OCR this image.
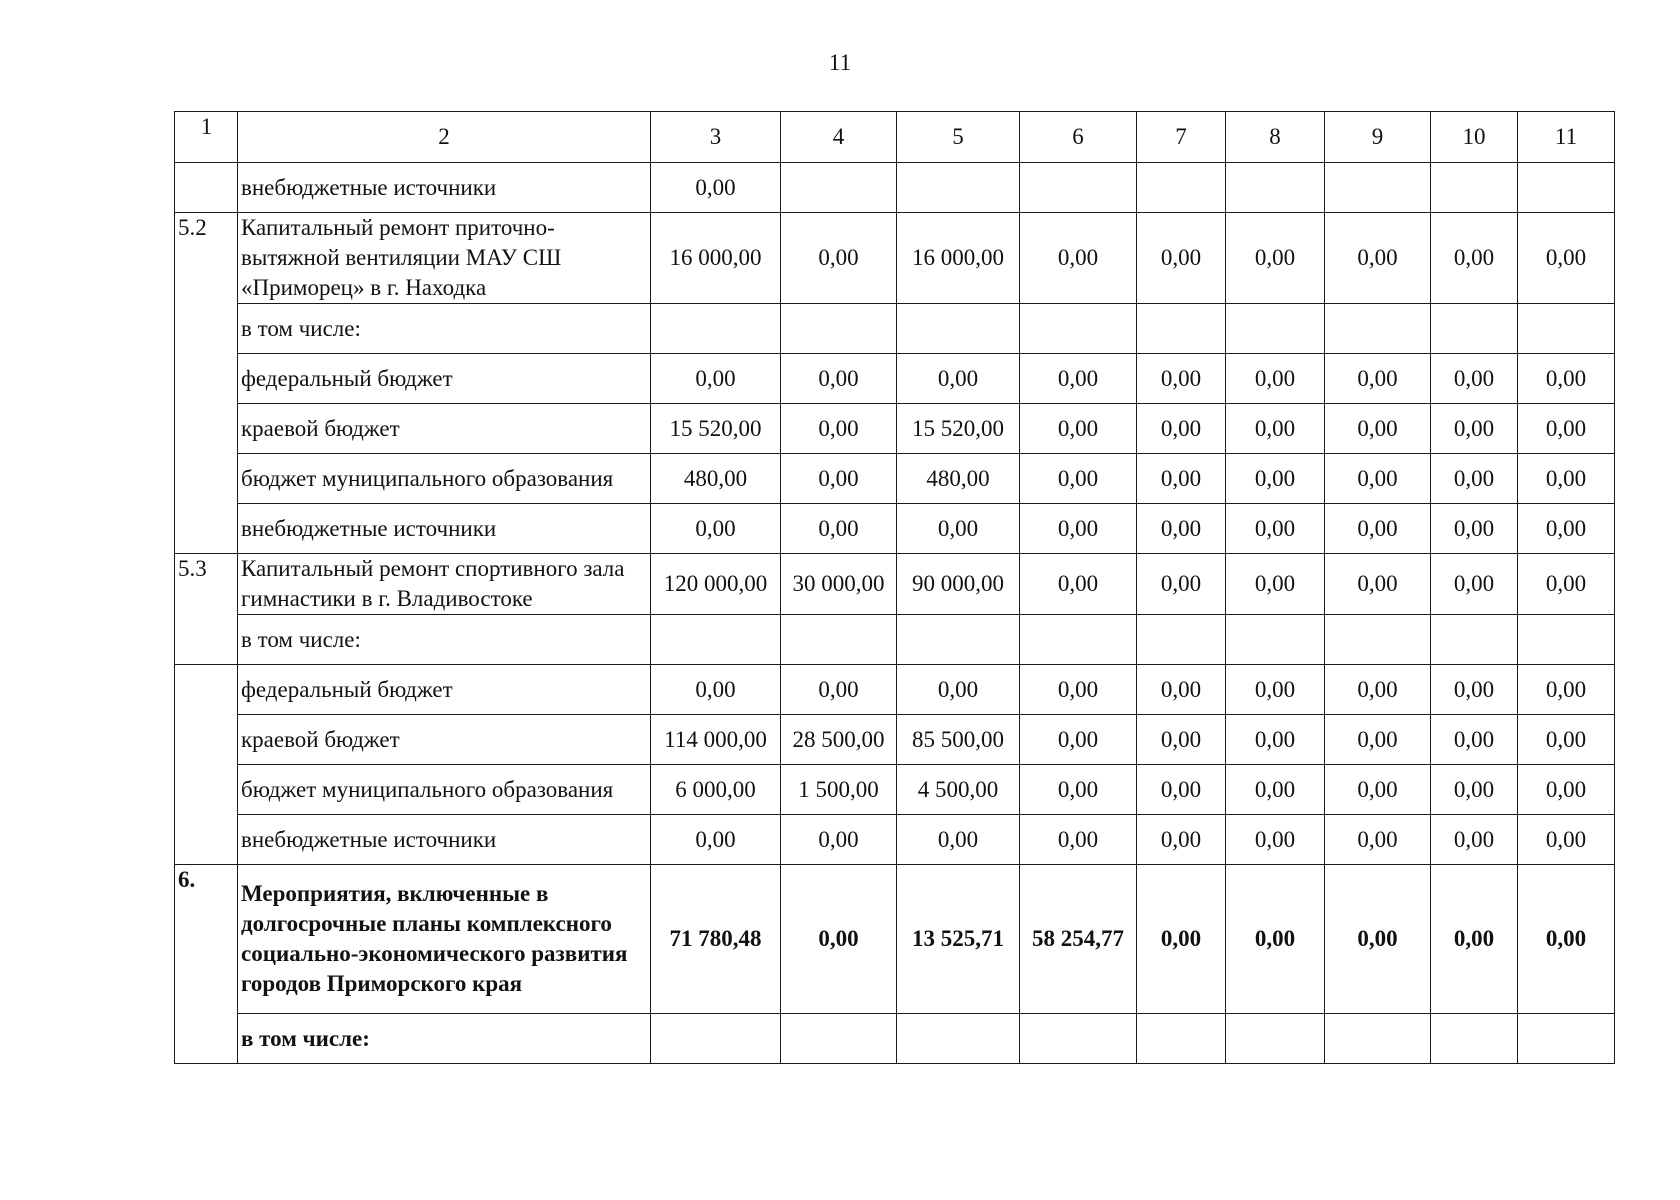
11
1	2	3	4	5	6	7	8	9	10	11
	внебюджетные источники	0,00								
5.2	Капитальный ремонт приточно-вытяжной вентиляции МАУ СШ «Приморец» в г. Находка	16 000,00	0,00	16 000,00	0,00	0,00	0,00	0,00	0,00	0,00
	в том числе:									
	федеральный бюджет	0,00	0,00	0,00	0,00	0,00	0,00	0,00	0,00	0,00
	краевой бюджет	15 520,00	0,00	15 520,00	0,00	0,00	0,00	0,00	0,00	0,00
	бюджет муниципального образования	480,00	0,00	480,00	0,00	0,00	0,00	0,00	0,00	0,00
	внебюджетные источники	0,00	0,00	0,00	0,00	0,00	0,00	0,00	0,00	0,00
5.3	Капитальный ремонт спортивного зала гимнастики в г. Владивостоке	120 000,00	30 000,00	90 000,00	0,00	0,00	0,00	0,00	0,00	0,00
	в том числе:									
	федеральный бюджет	0,00	0,00	0,00	0,00	0,00	0,00	0,00	0,00	0,00
	краевой бюджет	114 000,00	28 500,00	85 500,00	0,00	0,00	0,00	0,00	0,00	0,00
	бюджет муниципального образования	6 000,00	1 500,00	4 500,00	0,00	0,00	0,00	0,00	0,00	0,00
	внебюджетные источники	0,00	0,00	0,00	0,00	0,00	0,00	0,00	0,00	0,00
6.	Мероприятия, включенные в долгосрочные планы комплексного социально-экономического развития городов Приморского края	71 780,48	0,00	13 525,71	58 254,77	0,00	0,00	0,00	0,00	0,00
	в том числе:									
